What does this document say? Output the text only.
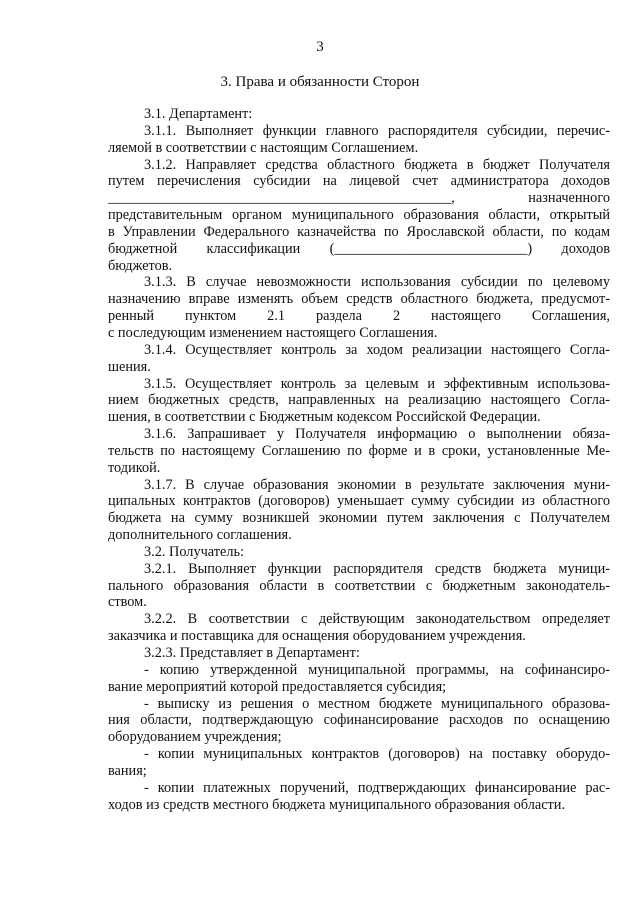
3
3. Права и обязанности Сторон
3.1. Департамент:
3.1.1. Выполняет функции главного распорядителя субсидии, перечис-
ляемой в соответствии с настоящим Соглашением.
3.1.2. Направляет средства областного бюджета в бюджет Получателя
путем перечисления субсидии на лицевой счет администратора доходов
________________________________________________, назначенного
представительным органом муниципального образования области, открытый
в Управлении Федерального казначейства по Ярославской области, по кодам
бюджетной классификации (___________________________) доходов
бюджетов.
3.1.3. В случае невозможности использования субсидии по целевому
назначению вправе изменять объем средств областного бюджета, предусмот-
ренный пунктом 2.1 раздела 2 настоящего Соглашения,
с последующим изменением настоящего Соглашения.
3.1.4. Осуществляет контроль за ходом реализации настоящего Согла-
шения.
3.1.5. Осуществляет контроль за целевым и эффективным использова-
нием бюджетных средств, направленных на реализацию настоящего Согла-
шения, в соответствии с Бюджетным кодексом Российской Федерации.
3.1.6. Запрашивает у Получателя информацию о выполнении обяза-
тельств по настоящему Соглашению по форме и в сроки, установленные Ме-
тодикой.
3.1.7. В случае образования экономии в результате заключения муни-
ципальных контрактов (договоров) уменьшает сумму субсидии из областного
бюджета на сумму возникшей экономии путем заключения с Получателем
дополнительного соглашения.
3.2. Получатель:
3.2.1. Выполняет функции распорядителя средств бюджета муници-
пального образования области в соответствии с бюджетным законодатель-
ством.
3.2.2. В соответствии с действующим законодательством определяет
заказчика и поставщика для оснащения оборудованием учреждения.
3.2.3. Представляет в Департамент:
- копию утвержденной муниципальной программы, на софинансиро-
вание мероприятий которой предоставляется субсидия;
- выписку из решения о местном бюджете муниципального образова-
ния области, подтверждающую софинансирование расходов по оснащению
оборудованием учреждения;
- копии муниципальных контрактов (договоров) на поставку оборудо-
вания;
- копии платежных поручений, подтверждающих финансирование рас-
ходов из средств местного бюджета муниципального образования области.
